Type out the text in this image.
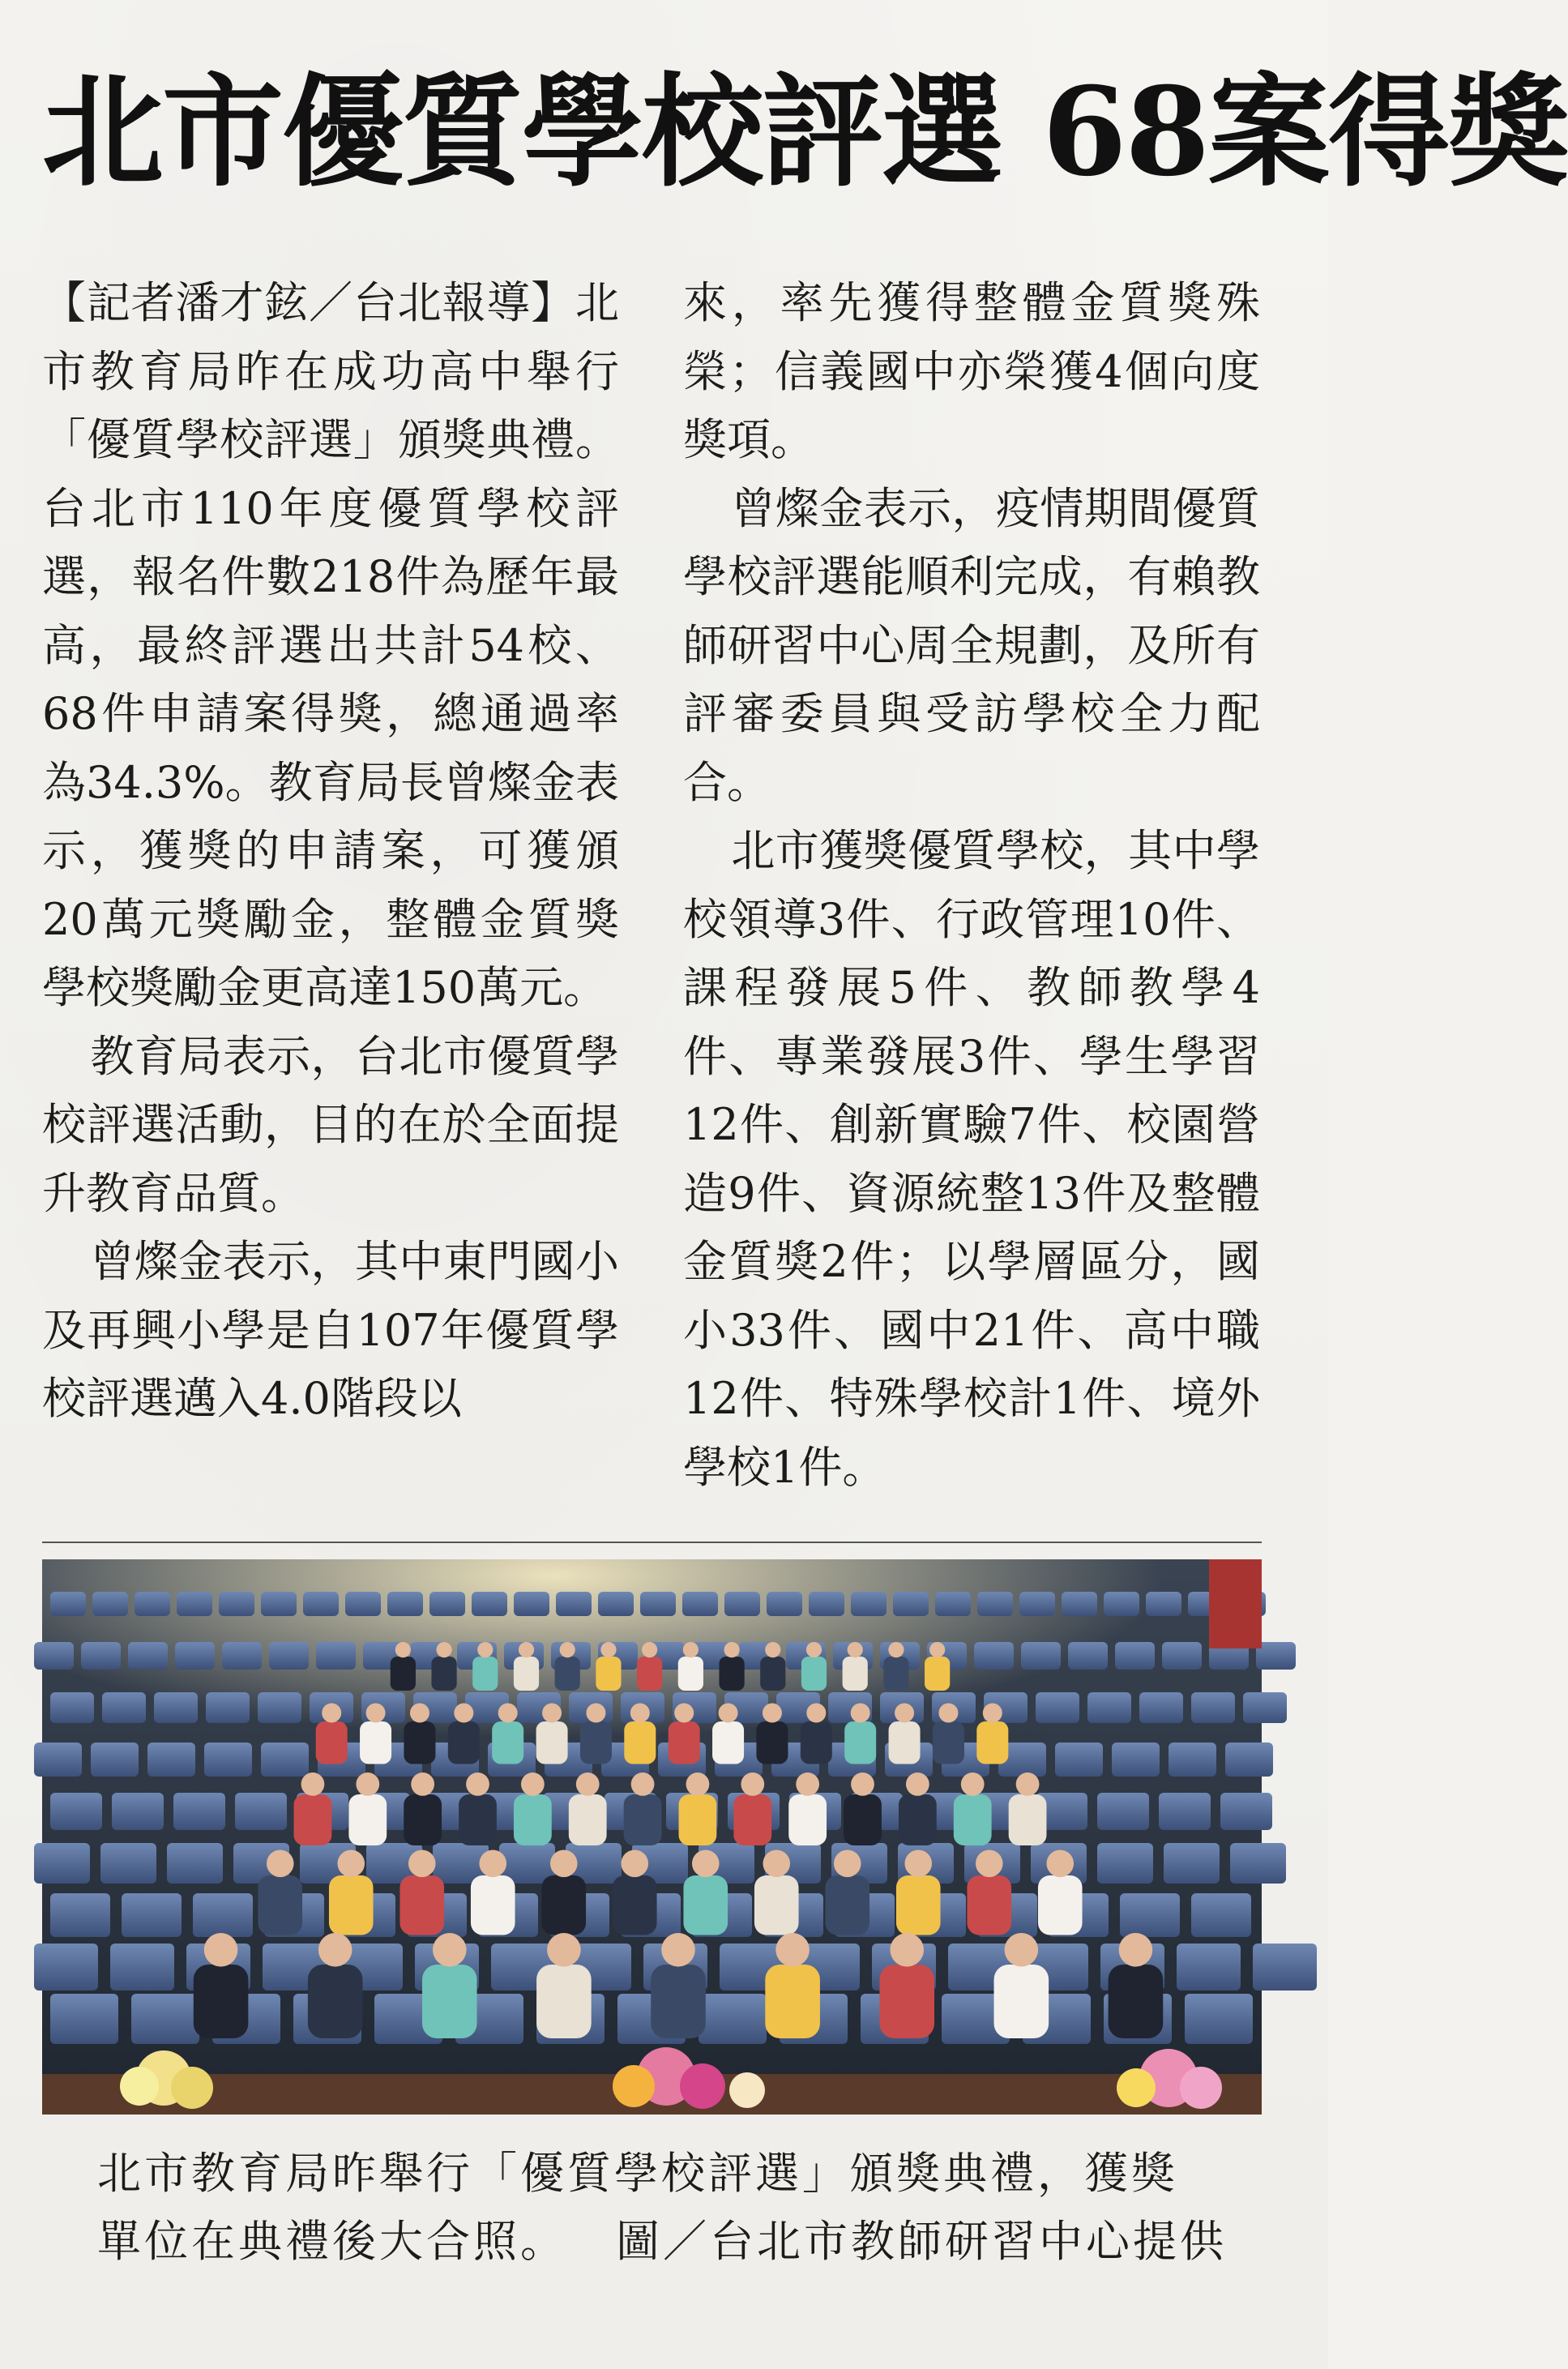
北市優質學校評選 68案得獎

【記者潘才鉉／台北報導】北市教育局昨在成功高中舉行「優質學校評選」頒獎典禮。台北市110年度優質學校評選，報名件數218件為歷年最高，最終評選出共計54校、68件申請案得獎，總通過率為34.3%。教育局長曾燦金表示，獲獎的申請案，可獲頒20萬元獎勵金，整體金質獎學校獎勵金更高達150萬元。

教育局表示，台北市優質學校評選活動，目的在於全面提升教育品質。

曾燦金表示，其中東門國小及再興小學是自107年優質學校評選邁入4.0階段以

來，率先獲得整體金質獎殊榮；信義國中亦榮獲4個向度獎項。

曾燦金表示，疫情期間優質學校評選能順利完成，有賴教師研習中心周全規劃，及所有評審委員與受訪學校全力配合。

北市獲獎優質學校，其中學校領導3件、行政管理10件、課程發展5件、教師教學4件、專業發展3件、學生學習12件、創新實驗7件、校園營造9件、資源統整13件及整體金質獎2件；以學層區分，國小33件、國中21件、高中職12件、特殊學校計1件、境外學校1件。

北市教育局昨舉行「優質學校評選」頒獎典禮，獲獎
單位在典禮後大合照。 圖／台北市教師研習中心提供
